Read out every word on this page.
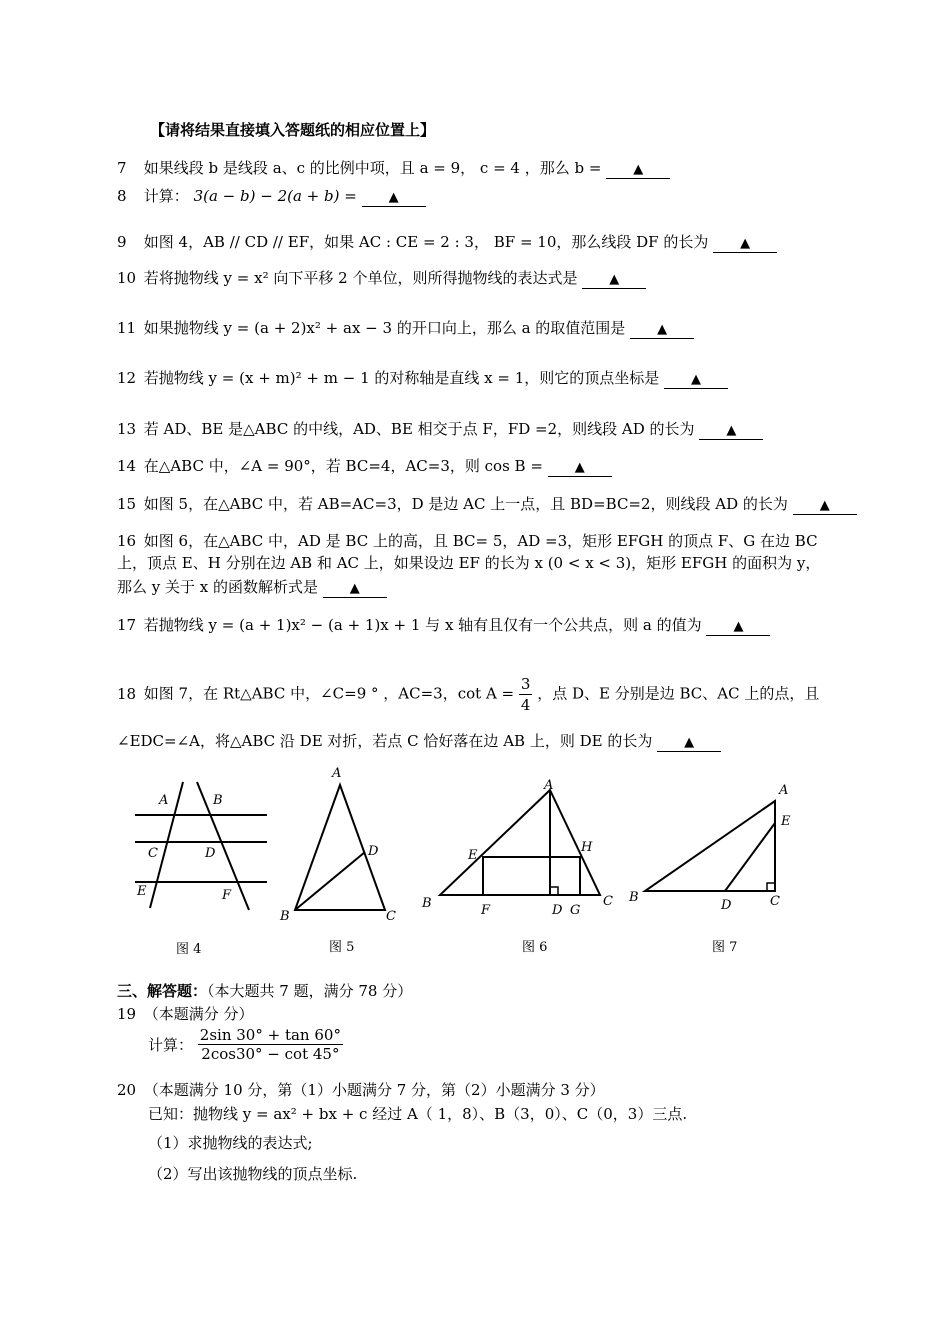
【请将结果直接填入答题纸的相应位置上】
7 如果线段 b 是线段 a、c 的比例中项，且 a = 9， c = 4 ，那么 b = ▲
8 计算： 3(a − b) − 2(a + b) = ▲
9 如图 4，AB // CD // EF，如果 AC : CE = 2 : 3， BF = 10，那么线段 DF 的长为 ▲
10 若将抛物线 y = x² 向下平移 2 个单位，则所得抛物线的表达式是 ▲
11 如果抛物线 y = (a + 2)x² + ax − 3 的开口向上，那么 a 的取值范围是 ▲
12 若抛物线 y = (x + m)² + m − 1 的对称轴是直线 x = 1，则它的顶点坐标是 ▲
13 若 AD、BE 是△ABC 的中线，AD、BE 相交于点 F，FD =2，则线段 AD 的长为 ▲
14 在△ABC 中，∠A = 90°，若 BC=4，AC=3，则 cos B = ▲
15 如图 5，在△ABC 中，若 AB=AC=3，D 是边 AC 上一点，且 BD=BC=2，则线段 AD 的长为 ▲
16 如图 6，在△ABC 中，AD 是 BC 上的高，且 BC= 5，AD =3，矩形 EFGH 的顶点 F、G 在边 BC
上，顶点 E、H 分别在边 AB 和 AC 上，如果设边 EF 的长为 x (0 < x < 3)，矩形 EFGH 的面积为 y，
那么 y 关于 x 的函数解析式是 ▲
17 若抛物线 y = (a + 1)x² − (a + 1)x + 1 与 x 轴有且仅有一个公共点，则 a 的值为 ▲
18 如图 7，在 Rt△ABC 中，∠C=9 ° ，AC=3，$\cot A = \frac{3}{4}$ ，点 D、E 分别是边 BC、AC 上的点，且
∠EDC=∠A，将△ABC 沿 DE 对折，若点 C 恰好落在边 AB 上，则 DE 的长为 ▲
A	B
C	D
E	F
图 4
A
D
B	C
图 5
A
E
H
B	F	D G
C
图 6
A
E
B
D	C
图 7
三、解答题：（本大题共 7 题，满分 78 分）
19 （本题满分 分）
计算： $\frac{2\sin 30^\circ + \tan 60^\circ}{2\cos 30^\circ - \cot 45^\circ}$
20 （本题满分 10 分，第（1）小题满分 7 分，第（2）小题满分 3 分）
已知：抛物线 y = ax² + bx + c 经过 A（ 1，8）、B（3，0）、C（0，3）三点.
（1）求抛物线的表达式;
（2）写出该抛物线的顶点坐标.
